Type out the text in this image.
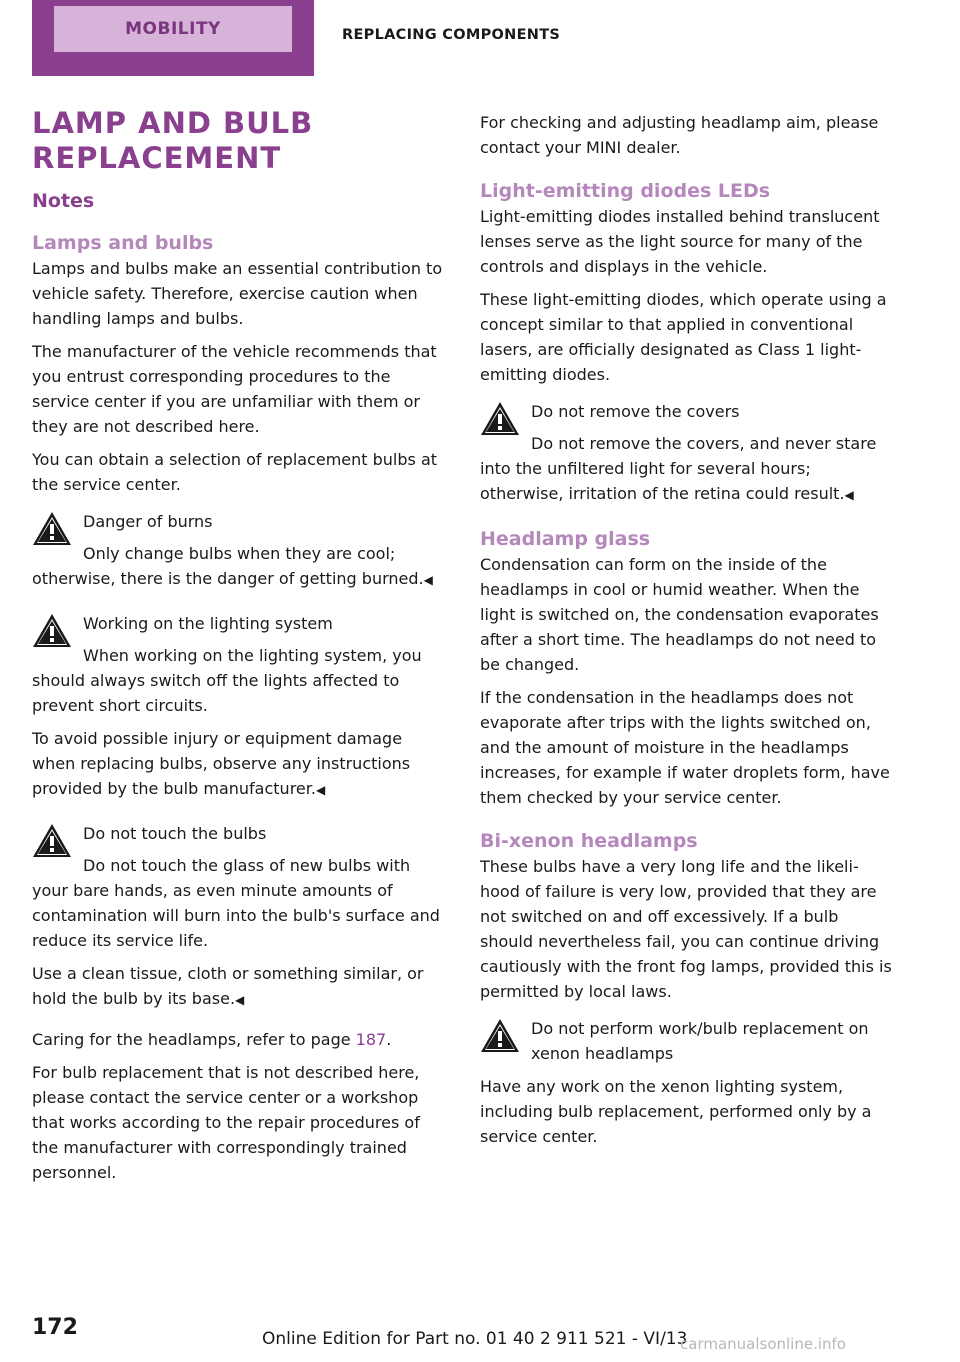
MOBILITY	REPLACING COMPONENTS
LAMP AND BULB REPLACEMENT
Notes
Lamps and bulbs

Lamps and bulbs make an essential contribution to vehicle safety. Therefore, exercise caution when handling lamps and bulbs.

The manufacturer of the vehicle recommends that you entrust corresponding procedures to the service center if you are unfamiliar with them or they are not described here.

You can obtain a selection of replacement bulbs at the service center.

Danger of burns

Only change bulbs when they are cool; otherwise, there is the danger of getting burned.◀

Working on the lighting system

When working on the lighting system, you should always switch off the lights affected to prevent short circuits.

To avoid possible injury or equipment damage when replacing bulbs, observe any instructions provided by the bulb manufacturer.◀

Do not touch the bulbs

Do not touch the glass of new bulbs with your bare hands, as even minute amounts of contamination will burn into the bulb's surface and reduce its service life.

Use a clean tissue, cloth or something similar, or hold the bulb by its base.◀

Caring for the headlamps, refer to page 187.

For bulb replacement that is not described here, please contact the service center or a workshop that works according to the repair procedures of the manufacturer with correspondingly trained personnel.

For checking and adjusting headlamp aim, please contact your MINI dealer.

Light-emitting diodes LEDs

Light-emitting diodes installed behind translucent lenses serve as the light source for many of the controls and displays in the vehicle.

These light-emitting diodes, which operate using a concept similar to that applied in conventional lasers, are officially designated as Class 1 light-emitting diodes.

Do not remove the covers

Do not remove the covers, and never stare into the unfiltered light for several hours; otherwise, irritation of the retina could result.◀

Headlamp glass

Condensation can form on the inside of the headlamps in cool or humid weather. When the light is switched on, the condensation evaporates after a short time. The headlamps do not need to be changed.

If the condensation in the headlamps does not evaporate after trips with the lights switched on, and the amount of moisture in the headlamps increases, for example if water droplets form, have them checked by your service center.

Bi-xenon headlamps

These bulbs have a very long life and the likelihood of failure is very low, provided that they are not switched on and off excessively. If a bulb should nevertheless fail, you can continue driving cautiously with the front fog lamps, provided this is permitted by local laws.

Do not perform work/bulb replacement on xenon headlamps

Have any work on the xenon lighting system, including bulb replacement, performed only by a service center.

172	Online Edition for Part no. 01 40 2 911 521 - VI/13
carmanualsonline.info
